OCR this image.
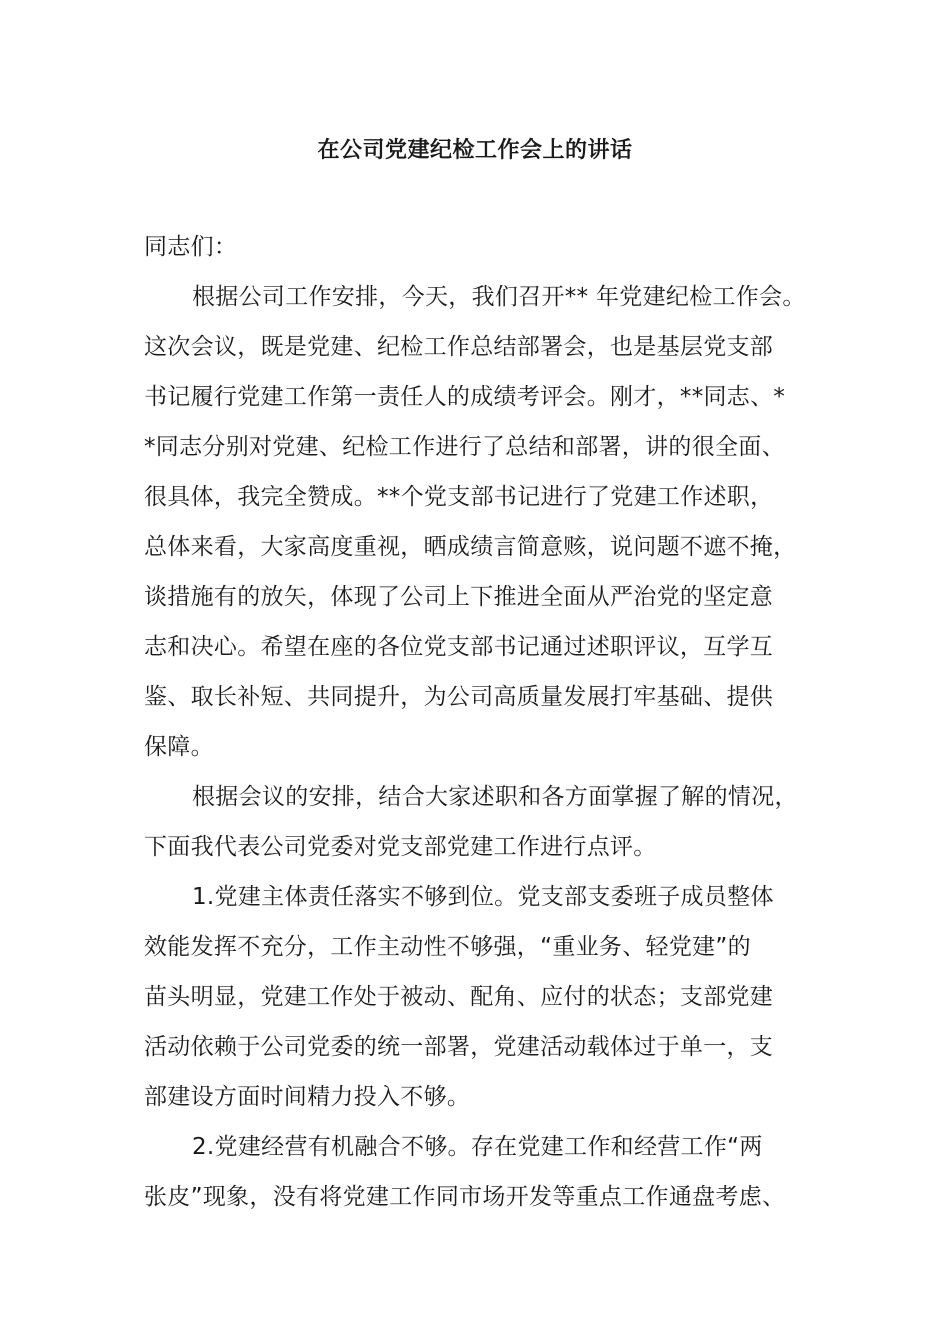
在公司党建纪检工作会上的讲话

同志们：

根据公司工作安排，今天，我们召开** 年党建纪检工作会。

这次会议，既是党建、纪检工作总结部署会，也是基层党支部

书记履行党建工作第一责任人的成绩考评会。刚才，**同志、*

*同志分别对党建、纪检工作进行了总结和部署，讲的很全面、

很具体，我完全赞成。**个党支部书记进行了党建工作述职，

总体来看，大家高度重视，晒成绩言简意赅，说问题不遮不掩，

谈措施有的放矢，体现了公司上下推进全面从严治党的坚定意

志和决心。希望在座的各位党支部书记通过述职评议，互学互

鉴、取长补短、共同提升，为公司高质量发展打牢基础、提供

保障。

根据会议的安排，结合大家述职和各方面掌握了解的情况，

下面我代表公司党委对党支部党建工作进行点评。

1.党建主体责任落实不够到位。党支部支委班子成员整体

效能发挥不充分，工作主动性不够强，“重业务、轻党建”的

苗头明显，党建工作处于被动、配角、应付的状态；支部党建

活动依赖于公司党委的统一部署，党建活动载体过于单一，支

部建设方面时间精力投入不够。

2.党建经营有机融合不够。存在党建工作和经营工作“两

张皮”现象，没有将党建工作同市场开发等重点工作通盘考虑、
